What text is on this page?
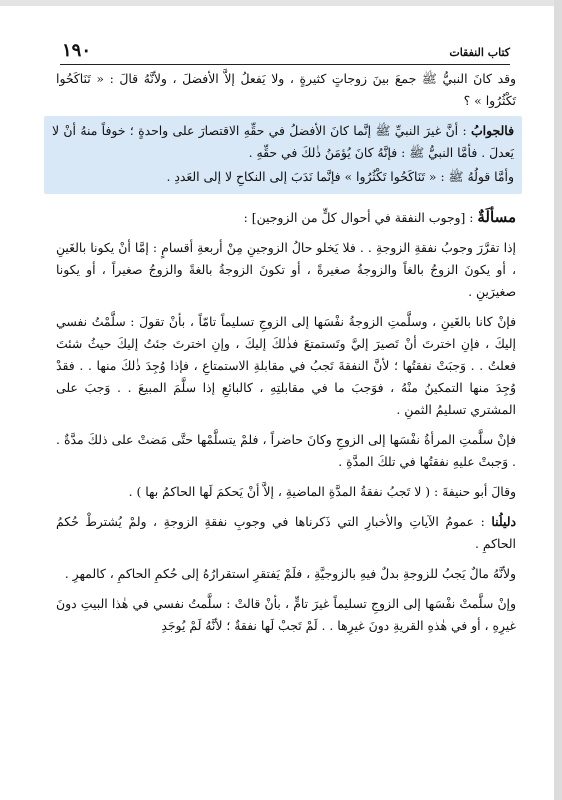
١٩٠	كتاب النفقات

وقد كانَ النبيُّ ﷺ جمعَ بينَ زوجاتٍ كثيرةٍ ، ولا يَفعلُ إلاَّ الأفضلَ ، ولأنَّهُ قالَ : « تَنَاكَحُوا تَكْثُرُوا » ؟

فالجوابُ : أنَّ غيرَ النبيِّ ﷺ إنَّما كانَ الأفضلُ في حقِّهِ الاقتصارَ على واحدةٍ ؛ خوفاً منهُ أنْ لا يَعدلَ . فأمَّا النبيُّ ﷺ : فإنَّهُ كانَ يُؤمَنُ ذٰلكَ في حقِّهِ .

وأمَّا قولُهُ ﷺ : « تَنَاكَحُوا تَكْثُرُوا » فإنَّما نَدَبَ إلى النكاحِ لا إلى العَددِ .

مسألَةٌ : [وجوب النفقة في أحوال كلٍّ من الزوجين] :

إذا تقرَّرَ وجوبُ نفقةِ الزوجةِ . . فلا يَخلو حالُ الزوجينِ مِنْ أربعةِ أقسامٍ : إمَّا أنْ يكونا بالغَينِ ، أو يكونَ الزوجُ بالغاً والزوجةُ صغيرةً ، أو تكونَ الزوجةُ بالغةً والزوجُ صغيراً ، أو يكونا صغيرَينِ .

فإنْ كانا بالغَينِ ، وسلَّمتِ الزوجةُ نفْسَها إلى الزوجِ تسليماً تامّاً ، بأنْ تقولَ : سلَّمْتُ نفسي إليكَ ، فإنِ اخترتَ أنْ تَصيرَ إليَّ وتَستمتعَ فذٰلكَ إليكَ ، وإنِ اخترتَ جئتُ إليكَ حيثُ شئتَ فعلتُ . . وَجبَتْ نفقتُها ؛ لأنَّ النفقةَ تَجبُ في مقابلةِ الاستمتاعِ ، فإذا وُجِدَ ذٰلكَ منها . . فقدْ وُجِدَ منها التمكينُ منْهُ ، فوَجبَ ما في مقابلتِهِ ، كالبائعِ إذا سلَّمَ المبيعَ . . وَجبَ على المشتري تسليمُ الثمنِ .

فإنْ سلَّمتِ المرأةُ نفْسَها إلى الزوجِ وكانَ حاضراً ، فلمْ يتسلَّمْها حتَّى مَضتْ على ذلكَ مدَّةٌ . . وَجبتْ عليهِ نفقتُها في تلكَ المدَّةِ .

وقالَ أبو حنيفةَ : ( لا تَجبُ نفقةُ المدَّةِ الماضيةِ ، إلاَّ أنْ يَحكمَ لَها الحاكمُ بها ) .

دليلُنا : عمومُ الآياتِ والأخبارِ التي ذَكرناها في وجوبِ نفقةِ الزوجةِ ، ولمْ يُشترطْ حُكمُ الحاكمِ .

ولأنَّهُ مالٌ يَجبُ للزوجةِ بدلٌ فيهِ بالزوجيَّةِ ، فلَمْ يَفتقرِ استقرارُهُ إلى حُكمِ الحاكمِ ، كالمهرِ .

وإنْ سلَّمتْ نفْسَها إلى الزوجِ تسليماً غيرَ تامٍّ ، بأنْ قالتْ : سلَّمتُ نفسي في هٰذا البيتِ دونَ غيرِهِ ، أو في هٰذهِ القريةِ دونَ غيرِها . . لَمْ تَجبْ لَها نفقةٌ ؛ لأنَّهُ لَمْ يُوجَدِ
